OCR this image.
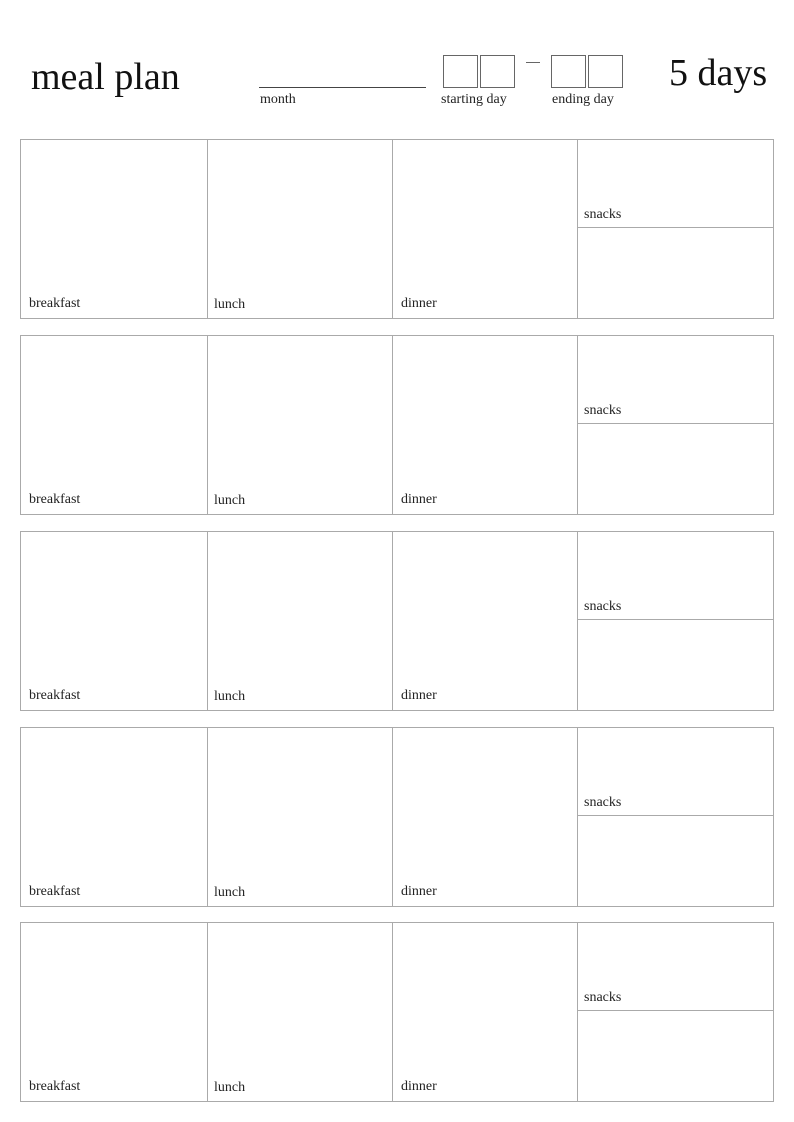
meal plan
month	starting day	ending day
5 days
breakfast	lunch	dinner
snacks
breakfast	lunch	dinner
snacks
breakfast	lunch	dinner
snacks
breakfast	lunch	dinner
snacks
breakfast	lunch	dinner
snacks
